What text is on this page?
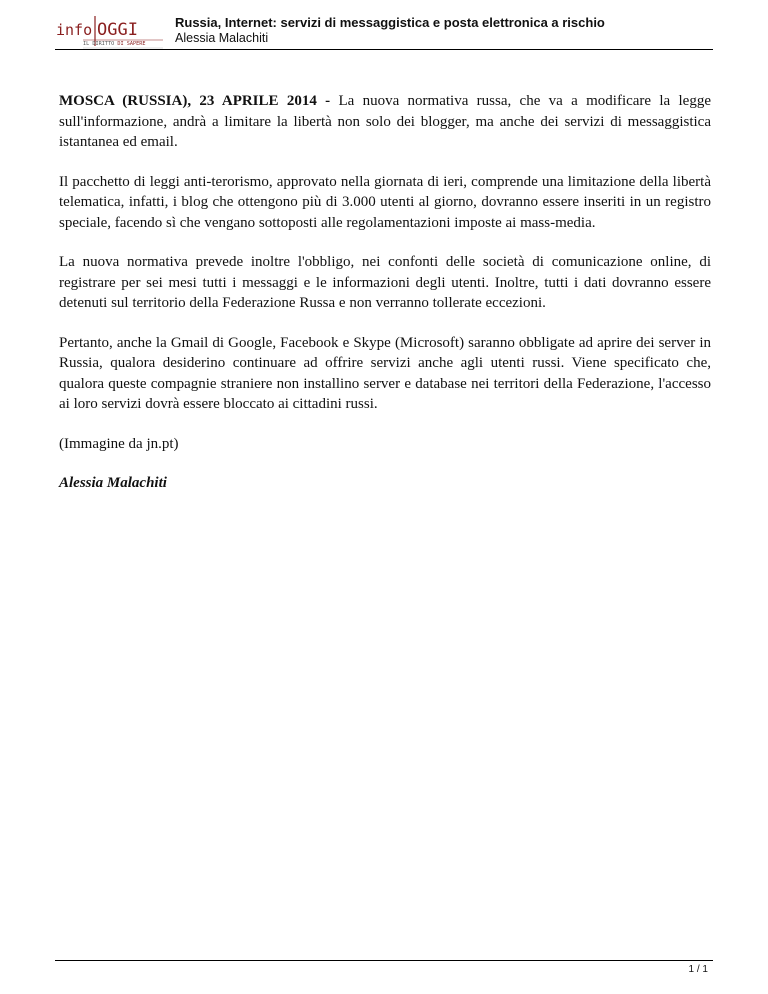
info OGGI
IL DIRITTO DI SAPERE
Russia, Internet: servizi di messaggistica e posta elettronica a rischio
Alessia Malachiti

MOSCA (RUSSIA), 23 APRILE 2014 - La nuova normativa russa, che va a modificare la legge sull'informazione, andrà a limitare la libertà non solo dei blogger, ma anche dei servizi di messaggistica istantanea ed email.

Il pacchetto di leggi anti-terorismo, approvato nella giornata di ieri, comprende una limitazione della libertà telematica, infatti, i blog che ottengono più di 3.000 utenti al giorno, dovranno essere inseriti in un registro speciale, facendo sì che vengano sottoposti alle regolamentazioni imposte ai mass-media.

La nuova normativa prevede inoltre l'obbligo, nei confonti delle società di comunicazione online, di registrare per sei mesi tutti i messaggi e le informazioni degli utenti. Inoltre, tutti i dati dovranno essere detenuti sul territorio della Federazione Russa e non verranno tollerate eccezioni.

Pertanto, anche la Gmail di Google, Facebook e Skype (Microsoft) saranno obbligate ad aprire dei server in Russia, qualora desiderino continuare ad offrire servizi anche agli utenti russi. Viene specificato che, qualora queste compagnie straniere non installino server e database nei territori della Federazione, l'accesso ai loro servizi dovrà essere bloccato ai cittadini russi.

(Immagine da jn.pt)

Alessia Malachiti

1 / 1
